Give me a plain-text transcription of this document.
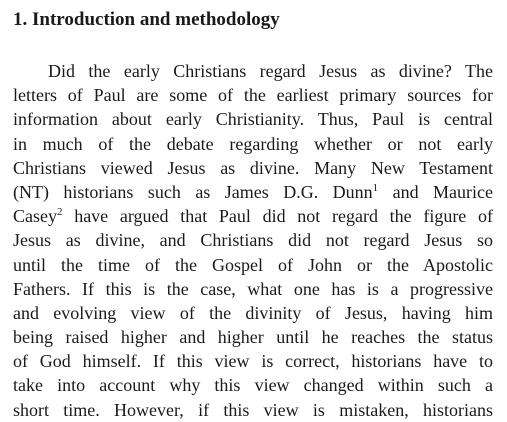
1. Introduction and methodology
Did the early Christians regard Jesus as divine? The
letters of Paul are some of the earliest primary sources for
information about early Christianity. Thus, Paul is central
in much of the debate regarding whether or not early
Christians viewed Jesus as divine. Many New Testament
(NT) historians such as James D.G. Dunn$^1$ and Maurice
Casey$^2$ have argued that Paul did not regard the figure of
Jesus as divine, and Christians did not regard Jesus so
until the time of the Gospel of John or the Apostolic
Fathers. If this is the case, what one has is a progressive
and evolving view of the divinity of Jesus, having him
being raised higher and higher until he reaches the status
of God himself. If this view is correct, historians have to
take into account why this view changed within such a
short time. However, if this view is mistaken, historians
